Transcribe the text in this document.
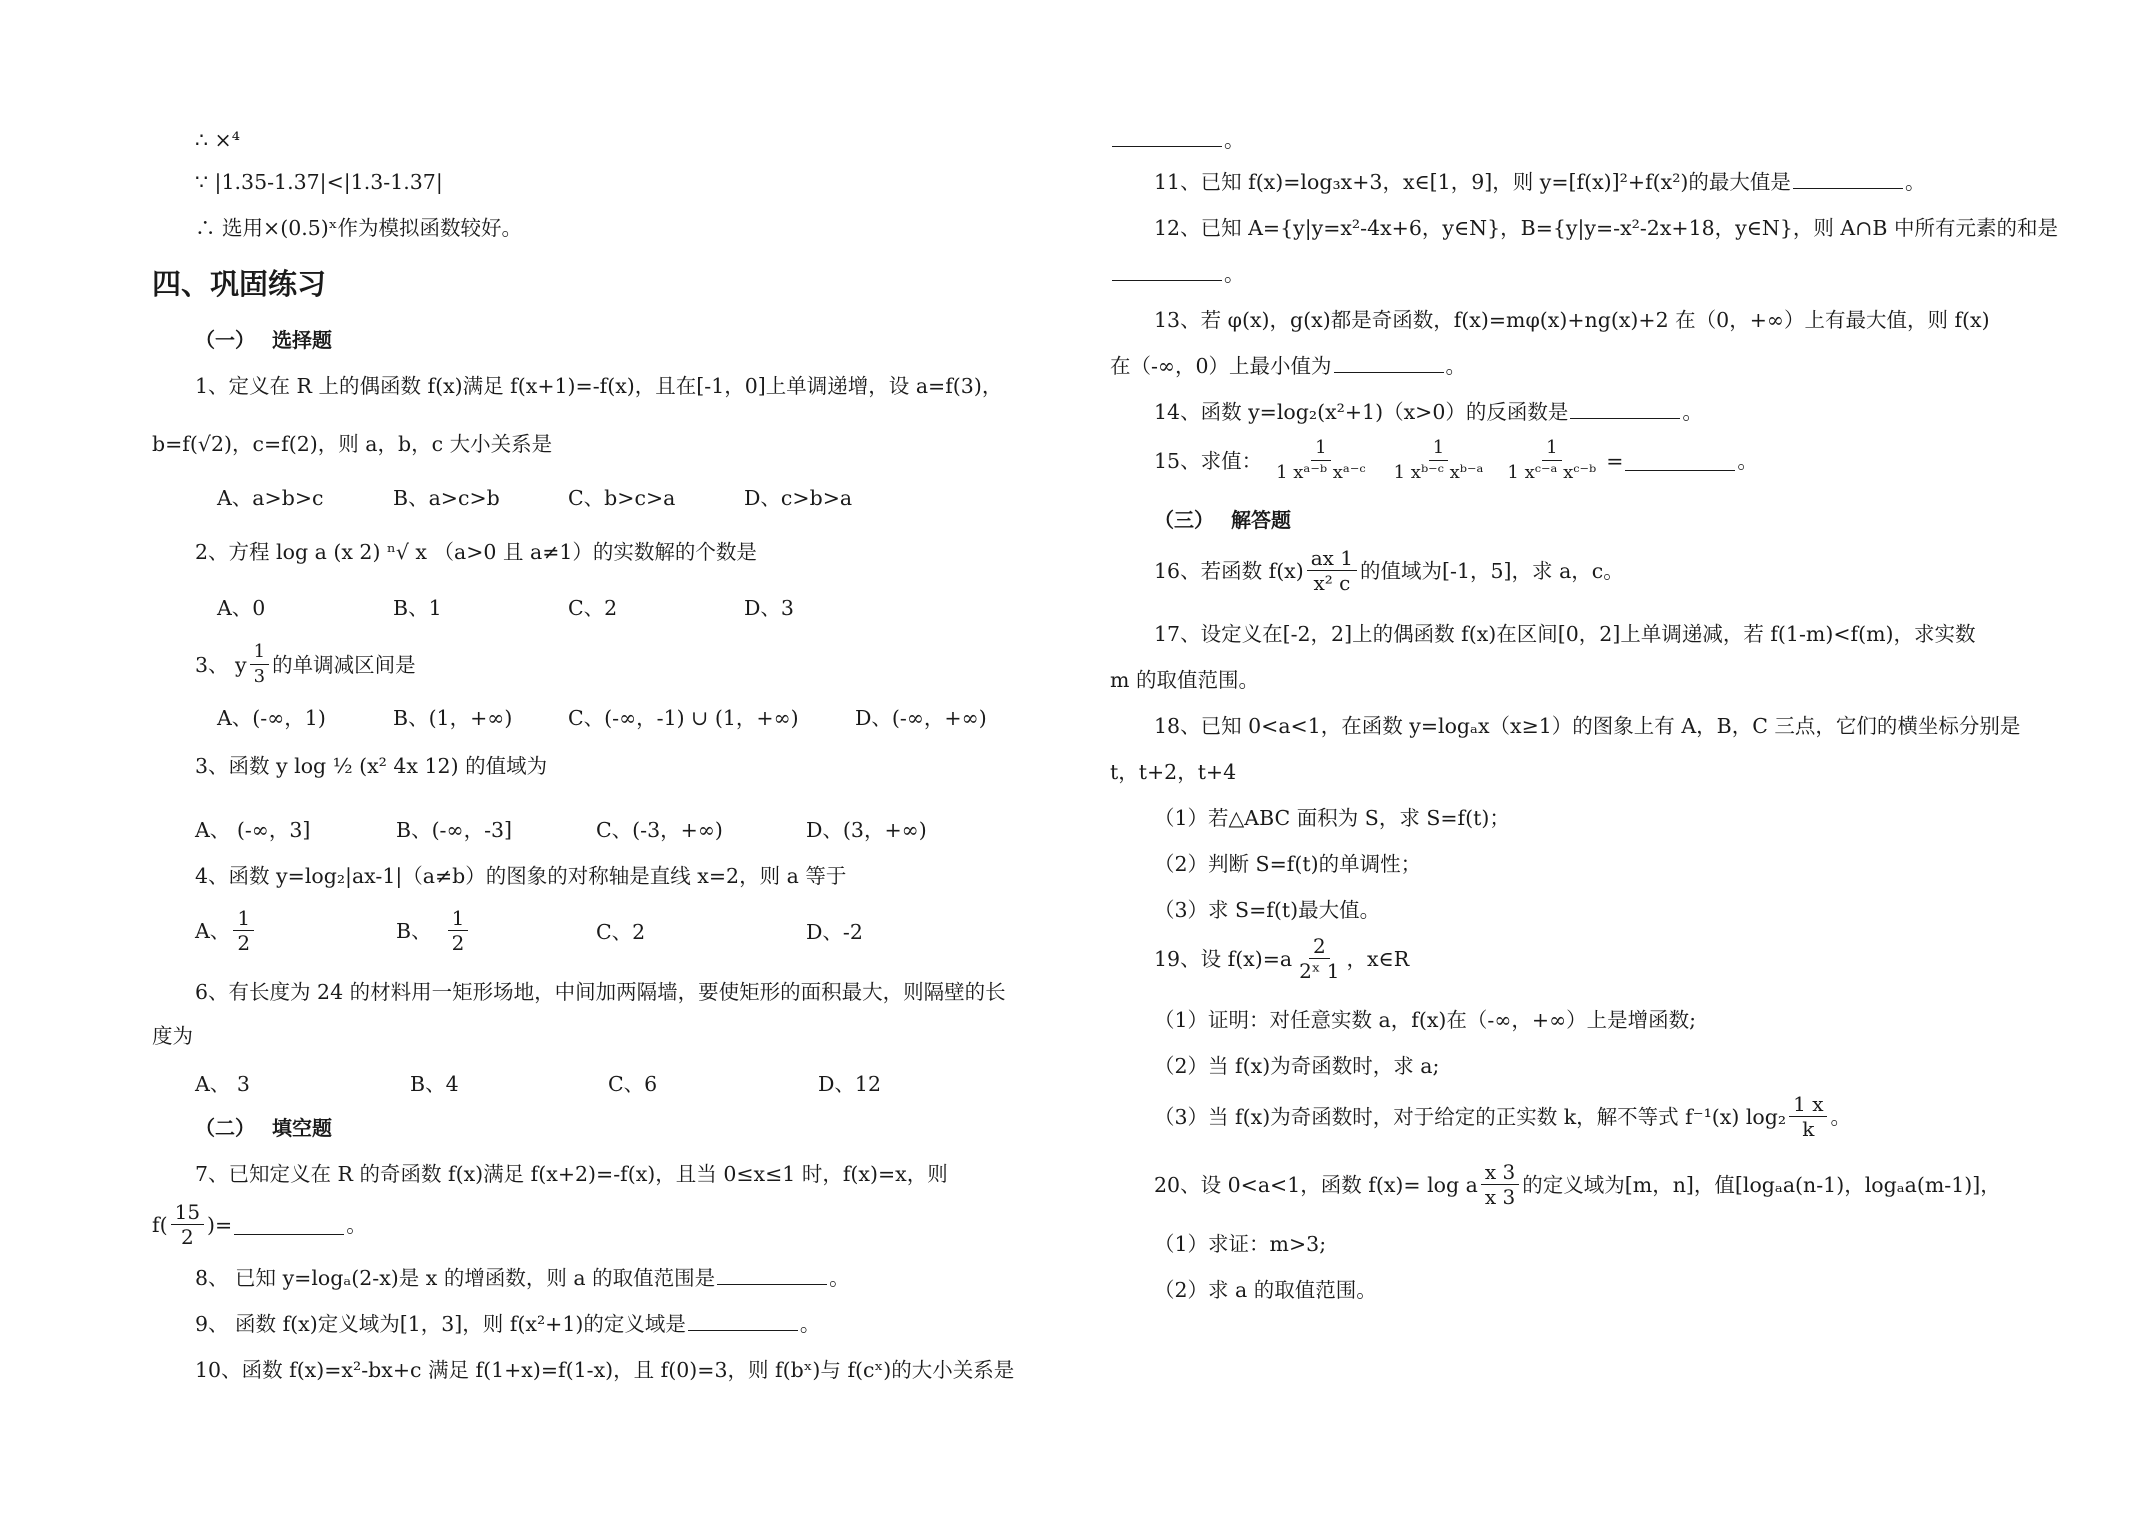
∴ ×⁴
∵ |1.35-1.37|<|1.3-1.37|
∴ 选用×(0.5)ˣ作为模拟函数较好。
四、巩固练习
（一）　 选择题
1、定义在 R 上的偶函数 f(x)满足 f(x+1)=-f(x)，且在[-1，0]上单调递增，设 a=f(3)，
b=f(√2)，c=f(2)，则 a，b，c 大小关系是
A、a>b>c	B、a>c>b	C、b>c>a	D、c>b>a
2、方程 log a (x 2) ⁿ√ x （a>0 且 a≠1）的实数解的个数是
A、0	B、1	C、2	D、3
3、 y $\frac{1}{3}$ 的单调减区间是
A、(-∞，1)	B、(1，+∞)	C、(-∞，-1) ∪ (1，+∞)	D、(-∞，+∞)
3、函数 y log ½ (x² 4x 12) 的值域为
A、 (-∞，3]	B、(-∞，-3]	C、(-3，+∞)	D、(3，+∞)
4、函数 y=log₂|ax-1|（a≠b）的图象的对称轴是直线 x=2，则 a 等于
A、 $\frac{1}{2}$	B、 $\frac{1}{2}$	C、2	D、-2
6、有长度为 24 的材料用一矩形场地，中间加两隔墙，要使矩形的面积最大，则隔壁的长
度为
A、 3	B、4	C、6	D、12
（二）　 填空题
7、已知定义在 R 的奇函数 f(x)满足 f(x+2)=-f(x)，且当 0≤x≤1 时，f(x)=x，则
$f( \frac{15}{2}$ )=	。
8、 已知 y=logₐ(2-x)是 x 的增函数，则 a 的取值范围是	。
9、 函数 f(x)定义域为[1，3]，则 f(x²+1)的定义域是	。
10、函数 f(x)=x²-bx+c 满足 f(1+x)=f(1-x)，且 f(0)=3，则 f(bˣ)与 f(cˣ)的大小关系是
。
11、已知 f(x)=log₃x+3，x∈[1，9]，则 y=[f(x)]²+f(x²)的最大值是	。
12、已知 A={y|y=x²-4x+6，y∈N}，B={y|y=-x²-2x+18，y∈N}，则 A∩B 中所有元素的和是
。
13、若 φ(x)，g(x)都是奇函数，f(x)=mφ(x)+ng(x)+2 在（0，+∞）上有最大值，则 f(x)
在（-∞，0）上最小值为	。
14、函数 y=log₂(x²+1)（x>0）的反函数是	。
15、求值： $\frac{1}{\text{1 xᵃ⁻ᵇ xᵃ⁻ᶜ}} \frac{1}{\text{1 xᵇ⁻ᶜ xᵇ⁻ᵃ}} \frac{1}{\text{1 xᶜ⁻ᵃ xᶜ⁻ᵇ}}$ =	。
（三）　 解答题
16、若函数 $f(x) \frac{ax 1}{\text{x² c}}$ 的值域为[-1，5]，求 a，c。
17、设定义在[-2，2]上的偶函数 f(x)在区间[0，2]上单调递减，若 f(1-m)<f(m)，求实数
m 的取值范围。
18、已知 0<a<1，在函数 y=logₐx（x≥1）的图象上有 A，B，C 三点，它们的横坐标分别是
t，t+2，t+4
（1）若△ABC 面积为 S，求 S=f(t)；
（2）判断 S=f(t)的单调性；
（3）求 S=f(t)最大值。
19、设 $f(x)=a \frac{2}{\text{2ˣ 1}}$ ，x∈R
（1）证明：对任意实数 a，f(x)在（-∞，+∞）上是增函数;
（2）当 f(x)为奇函数时，求 a;
（3）当 f(x)为奇函数时，对于给定的正实数 k，解不等式 f⁻¹(x) $\log_2 \frac{1 x}{k}$ 。
20、设 0<a<1，函数 f(x)= log a $\frac{x 3}{x 3}$ 的定义域为[m，n]，值[logₐa(n-1)，logₐa(m-1)]，
（1）求证：m>3;
（2）求 a 的取值范围。
